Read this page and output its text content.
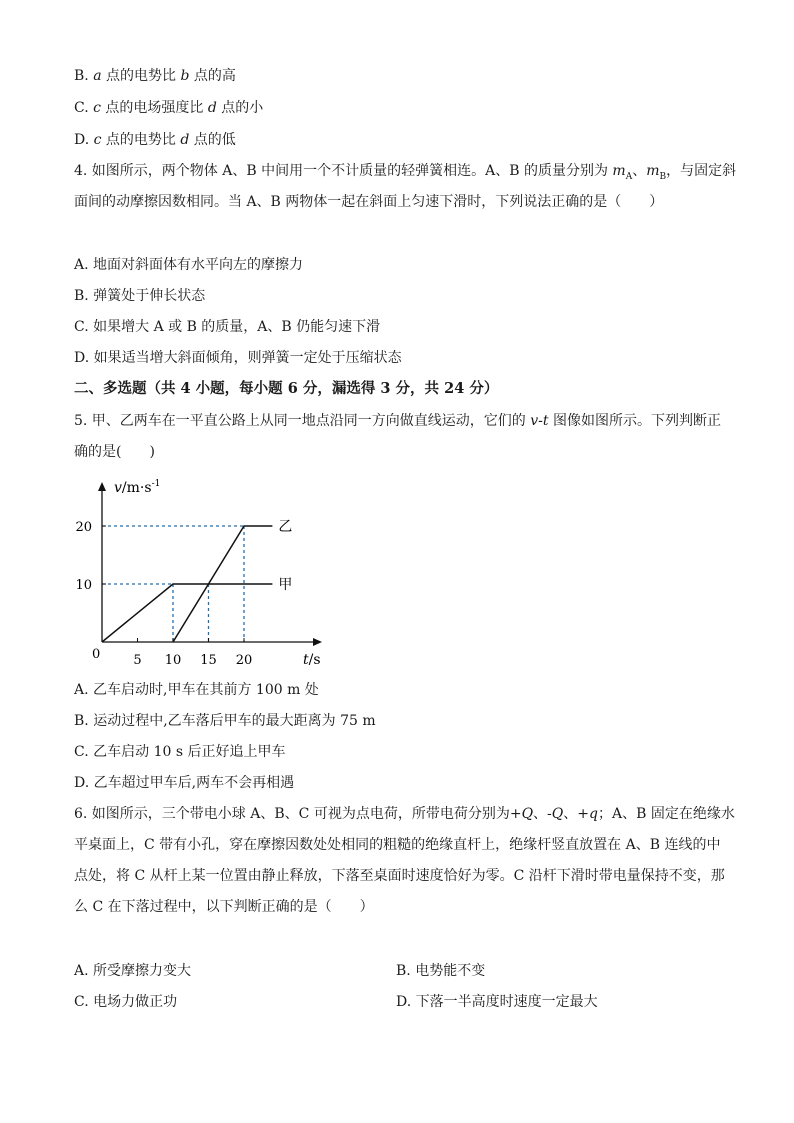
B. a 点的电势比 b 点的高
C. c 点的电场强度比 d 点的小
D. c 点的电势比 d 点的低
4. 如图所示，两个物体 A、B 中间用一个不计质量的轻弹簧相连。A、B 的质量分别为 $m_A$、$m_B$，与固定斜
面间的动摩擦因数相同。当 A、B 两物体一起在斜面上匀速下滑时，下列说法正确的是（　　）
A. 地面对斜面体有水平向左的摩擦力
B. 弹簧处于伸长状态
C. 如果增大 A 或 B 的质量，A、B 仍能匀速下滑
D. 如果适当增大斜面倾角，则弹簧一定处于压缩状态
二、多选题（共 4 小题，每小题 6 分，漏选得 3 分，共 24 分）
5. 甲、乙两车在一平直公路上从同一地点沿同一方向做直线运动，它们的 v-t 图像如图所示。下列判断正
确的是(　　)
5 10 15 20
10
20
甲
乙
$v/m\cdot s^{-1}$
t/s
0
A. 乙车启动时,甲车在其前方 100 m 处
B. 运动过程中,乙车落后甲车的最大距离为 75 m
C. 乙车启动 10 s 后正好追上甲车
D. 乙车超过甲车后,两车不会再相遇
6. 如图所示，三个带电小球 A、B、C 可视为点电荷，所带电荷分别为+Q、-Q、+q；A、B 固定在绝缘水
平桌面上，C 带有小孔，穿在摩擦因数处处相同的粗糙的绝缘直杆上，绝缘杆竖直放置在 A、B 连线的中
点处，将 C 从杆上某一位置由静止释放，下落至桌面时速度恰好为零。C 沿杆下滑时带电量保持不变，那
么 C 在下落过程中，以下判断正确的是（　　）
A. 所受摩擦力变大	B. 电势能不变
C. 电场力做正功	D. 下落一半高度时速度一定最大
